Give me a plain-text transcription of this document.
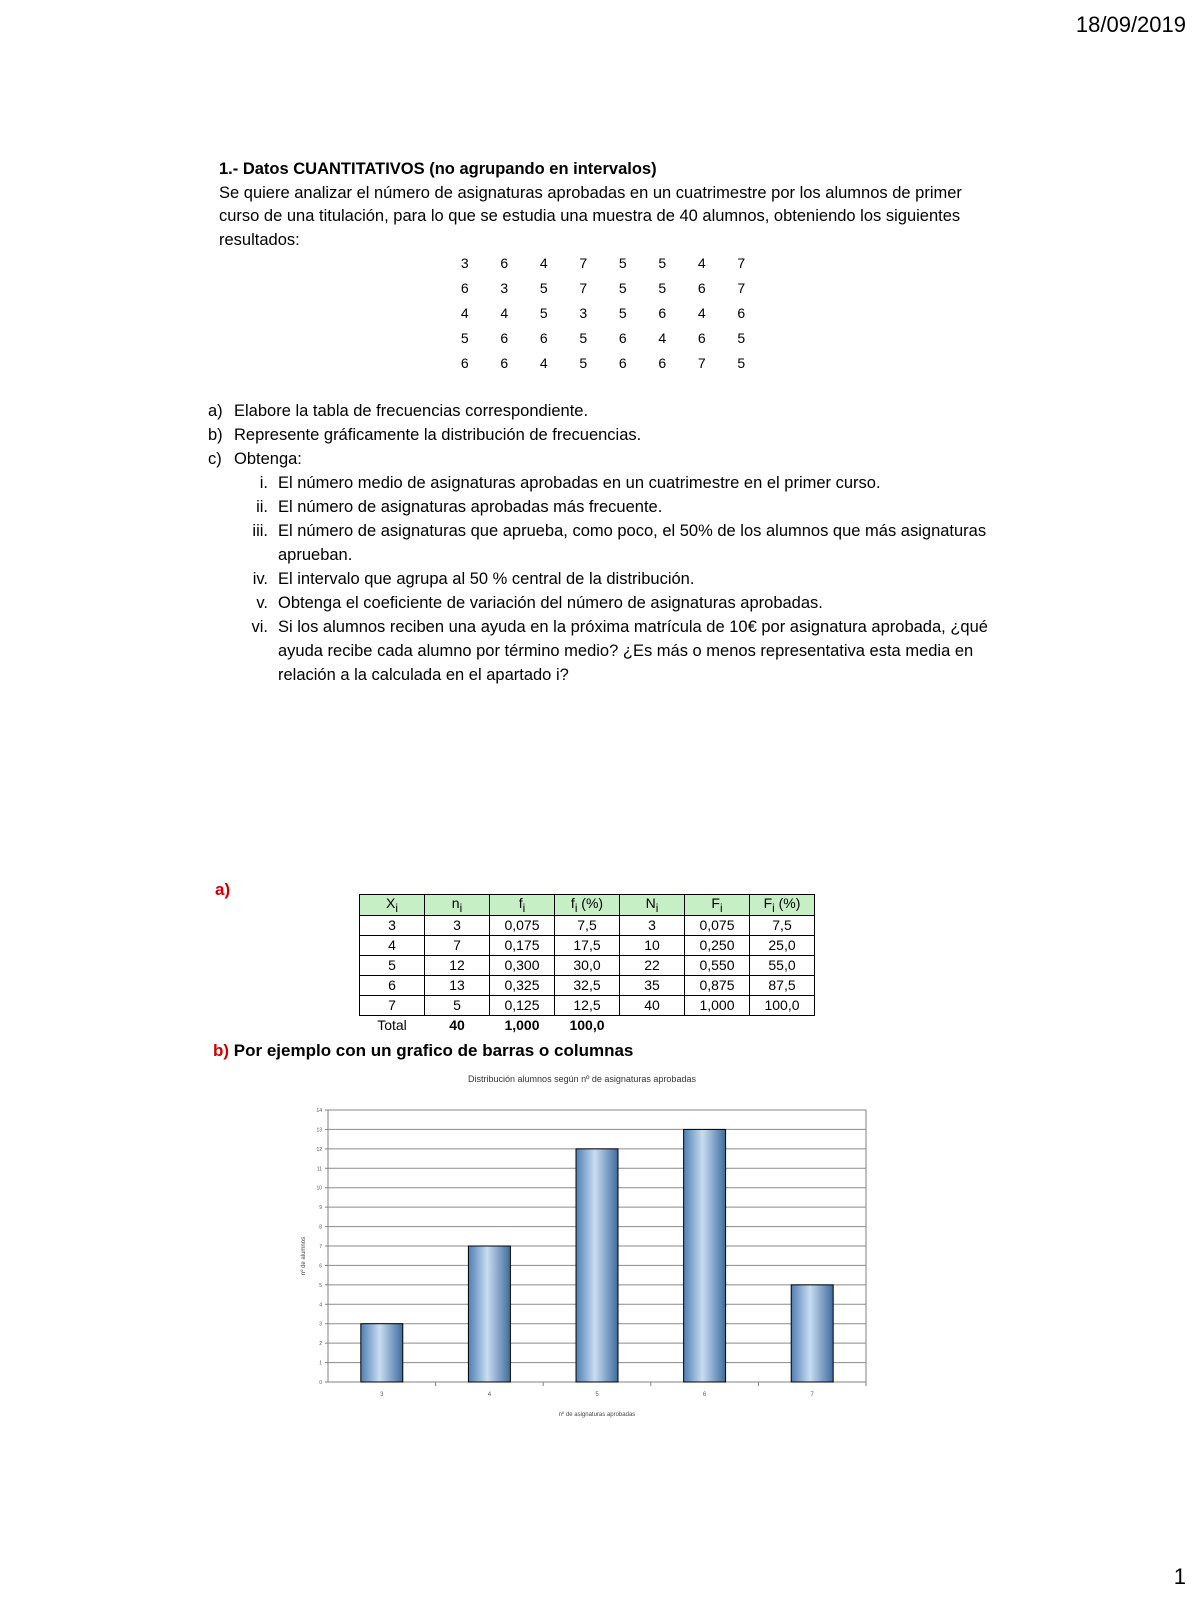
18/09/2019
1.- Datos CUANTITATIVOS (no agrupando en intervalos)
Se quiere analizar el número de asignaturas aprobadas en un cuatrimestre por los alumnos de primer curso de una titulación, para lo que se estudia una muestra de 40 alumnos, obteniendo los siguientes resultados:
3	6	4	7	5	5	4	7
6	3	5	7	5	5	6	7
4	4	5	3	5	6	4	6
5	6	6	5	6	4	6	5
6	6	4	5	6	6	7	5
a) Elabore la tabla de frecuencias correspondiente.
b) Represente gráficamente la distribución de frecuencias.
c) Obtenga:
i. El número medio de asignaturas aprobadas en un cuatrimestre en el primer curso.
ii. El número de asignaturas aprobadas más frecuente.
iii. El número de asignaturas que aprueba, como poco, el 50% de los alumnos que más asignaturas aprueban.
iv. El intervalo que agrupa al 50 % central de la distribución.
v. Obtenga el coeficiente de variación del número de asignaturas aprobadas.
vi. Si los alumnos reciben una ayuda en la próxima matrícula de 10€ por asignatura aprobada, ¿qué ayuda recibe cada alumno por término medio? ¿Es más o menos representativa esta media en relación a la calculada en el apartado i?
a)
$X_i$	$n_i$	$f_i$	$f_i$ (%)	$N_i$	$F_i$	$F_i$ (%)
3	3	0,075	7,5	3	0,075	7,5
4	7	0,175	17,5	10	0,250	25,0
5	12	0,300	30,0	22	0,550	55,0
6	13	0,325	32,5	35	0,875	87,5
7	5	0,125	12,5	40	1,000	100,0
Total	40	1,000	100,0			
b) Por ejemplo con un grafico de barras o columnas
Distribución alumnos según nº de asignaturas aprobadas
0
1
2
3
4
5
6
7
8
9
10
11
12
13
14
3	4	5	6	7
nº de asignaturas aprobadas
nº de alumnos
1
